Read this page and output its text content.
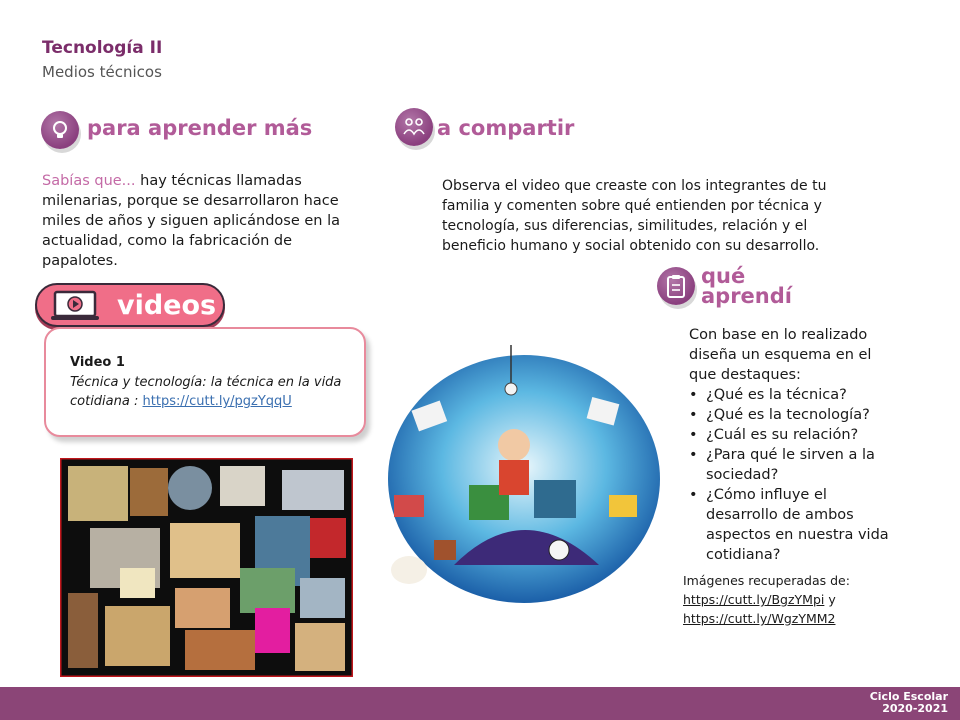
Tecnología II
Medios técnicos
para aprender más
Sabías que... hay técnicas llamadas milenarias, porque se desarrollaron hace miles de años y siguen aplicándose en la actualidad, como la fabricación de papalotes.
a compartir
Observa el video que creaste con los integrantes de tu familia y comenten sobre qué entienden por técnica y tecnología, sus diferencias, similitudes, relación y el beneficio humano y social obtenido con su desarrollo.
videos
Video 1
Técnica y tecnología: la técnica en la vida cotidiana : https://cutt.ly/pgzYqqU
qué
aprendí
Con base en lo realizado diseña un esquema en el que destaques:
• ¿Qué es la técnica?
• ¿Qué es la tecnología?
• ¿Cuál es su relación?
• ¿Para qué le sirven a la sociedad?
• ¿Cómo influye el desarrollo de ambos aspectos en nuestra vida cotidiana?
Imágenes recuperadas de:
https://cutt.ly/BgzYMpi y
https://cutt.ly/WgzYMM2
Ciclo Escolar
2020-2021
